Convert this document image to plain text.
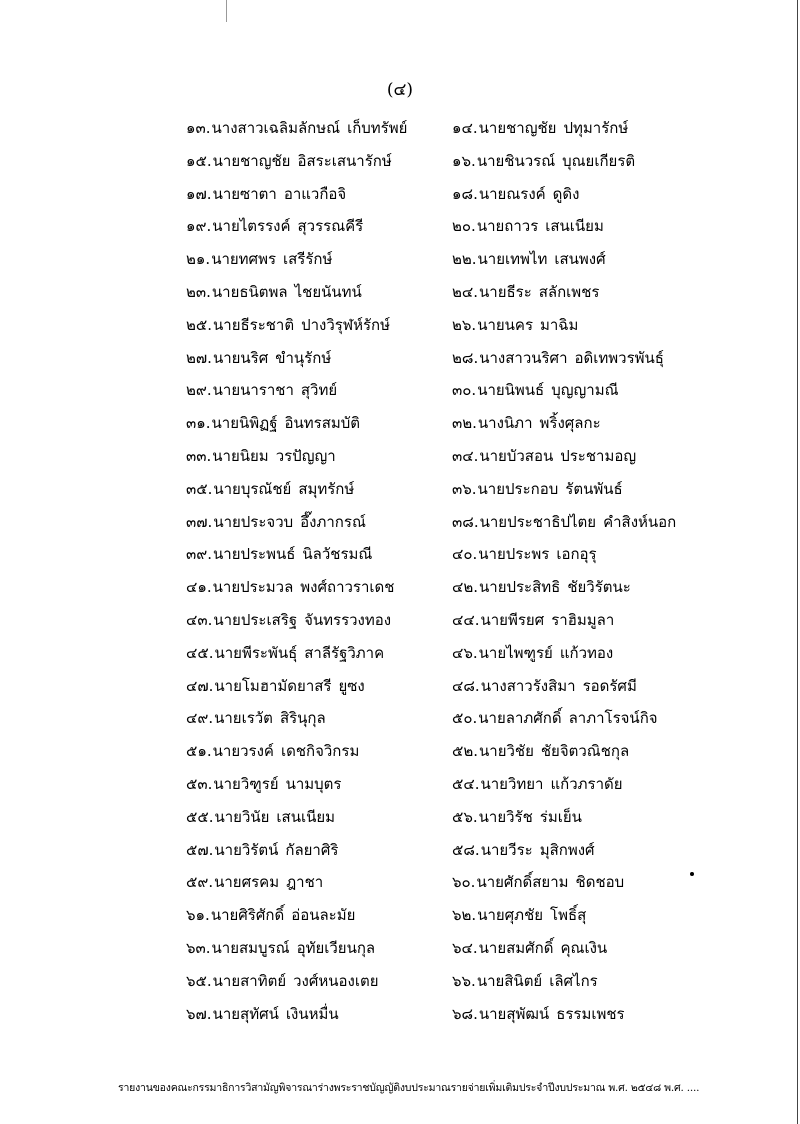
(๔)
๑๓.นางสาวเฉลิมลักษณ์ เก็บทรัพย์
๑๕.นายชาญชัย อิสระเสนารักษ์
๑๗.นายซาตา อาแวกือจิ
๑๙.นายไตรรงค์ สุวรรณคีรี
๒๑.นายทศพร เสรีรักษ์
๒๓.นายธนิตพล ไชยนันทน์
๒๕.นายธีระชาติ ปางวิรุฬห์รักษ์
๒๗.นายนริศ ขำนุรักษ์
๒๙.นายนาราชา สุวิทย์
๓๑.นายนิพิฏฐ์ อินทรสมบัติ
๓๓.นายนิยม วรปัญญา
๓๕.นายบุรณัชย์ สมุทรักษ์
๓๗.นายประจวบ อึ๊งภากรณ์
๓๙.นายประพนธ์ นิลวัชรมณี
๔๑.นายประมวล พงศ์ถาวราเดช
๔๓.นายประเสริฐ จันทรรวงทอง
๔๕.นายพีระพันธุ์ สาลีรัฐวิภาค
๔๗.นายโมฮามัดยาสรี ยูซง
๔๙.นายเรวัต สิรินุกุล
๕๑.นายวรงค์ เดชกิจวิกรม
๕๓.นายวิฑูรย์ นามบุตร
๕๕.นายวินัย เสนเนียม
๕๗.นายวิรัตน์ กัลยาศิริ
๕๙.นายศรคม ฎาชา
๖๑.นายศิริศักดิ์ อ่อนละมัย
๖๓.นายสมบูรณ์ อุทัยเวียนกุล
๖๕.นายสาทิตย์ วงศ์หนองเตย
๖๗.นายสุทัศน์ เงินหมื่น
๑๔.นายชาญชัย ปทุมารักษ์
๑๖.นายชินวรณ์ บุณยเกียรติ
๑๘.นายณรงค์ ดูดิง
๒๐.นายถาวร เสนเนียม
๒๒.นายเทพไท เสนพงศ์
๒๔.นายธีระ สลักเพชร
๒๖.นายนคร มาฉิม
๒๘.นางสาวนริศา อดิเทพวรพันธุ์
๓๐.นายนิพนธ์ บุญญามณี
๓๒.นางนิภา พริ้งศุลกะ
๓๔.นายบัวสอน ประชามอญ
๓๖.นายประกอบ รัตนพันธ์
๓๘.นายประชาธิปไตย คำสิงห์นอก
๔๐.นายประพร เอกอุรุ
๔๒.นายประสิทธิ ชัยวิรัตนะ
๔๔.นายพีรยศ ราฮิมมูลา
๔๖.นายไพฑูรย์ แก้วทอง
๔๘.นางสาวรังสิมา รอดรัศมี
๕๐.นายลาภศักดิ์ ลาภาโรจน์กิจ
๕๒.นายวิชัย ชัยจิตวณิชกุล
๕๔.นายวิทยา แก้วภราดัย
๕๖.นายวิรัช ร่มเย็น
๕๘.นายวีระ มุสิกพงศ์
๖๐.นายศักดิ์สยาม ชิดชอบ
๖๒.นายศุภชัย โพธิ์สุ
๖๔.นายสมศักดิ์ คุณเงิน
๖๖.นายสินิตย์ เลิศไกร
๖๘.นายสุพัฒน์ ธรรมเพชร
รายงานของคณะกรรมาธิการวิสามัญพิจารณาร่างพระราชบัญญัติงบประมาณรายจ่ายเพิ่มเติมประจำปีงบประมาณ พ.ศ. ๒๕๔๘ พ.ศ. ....
